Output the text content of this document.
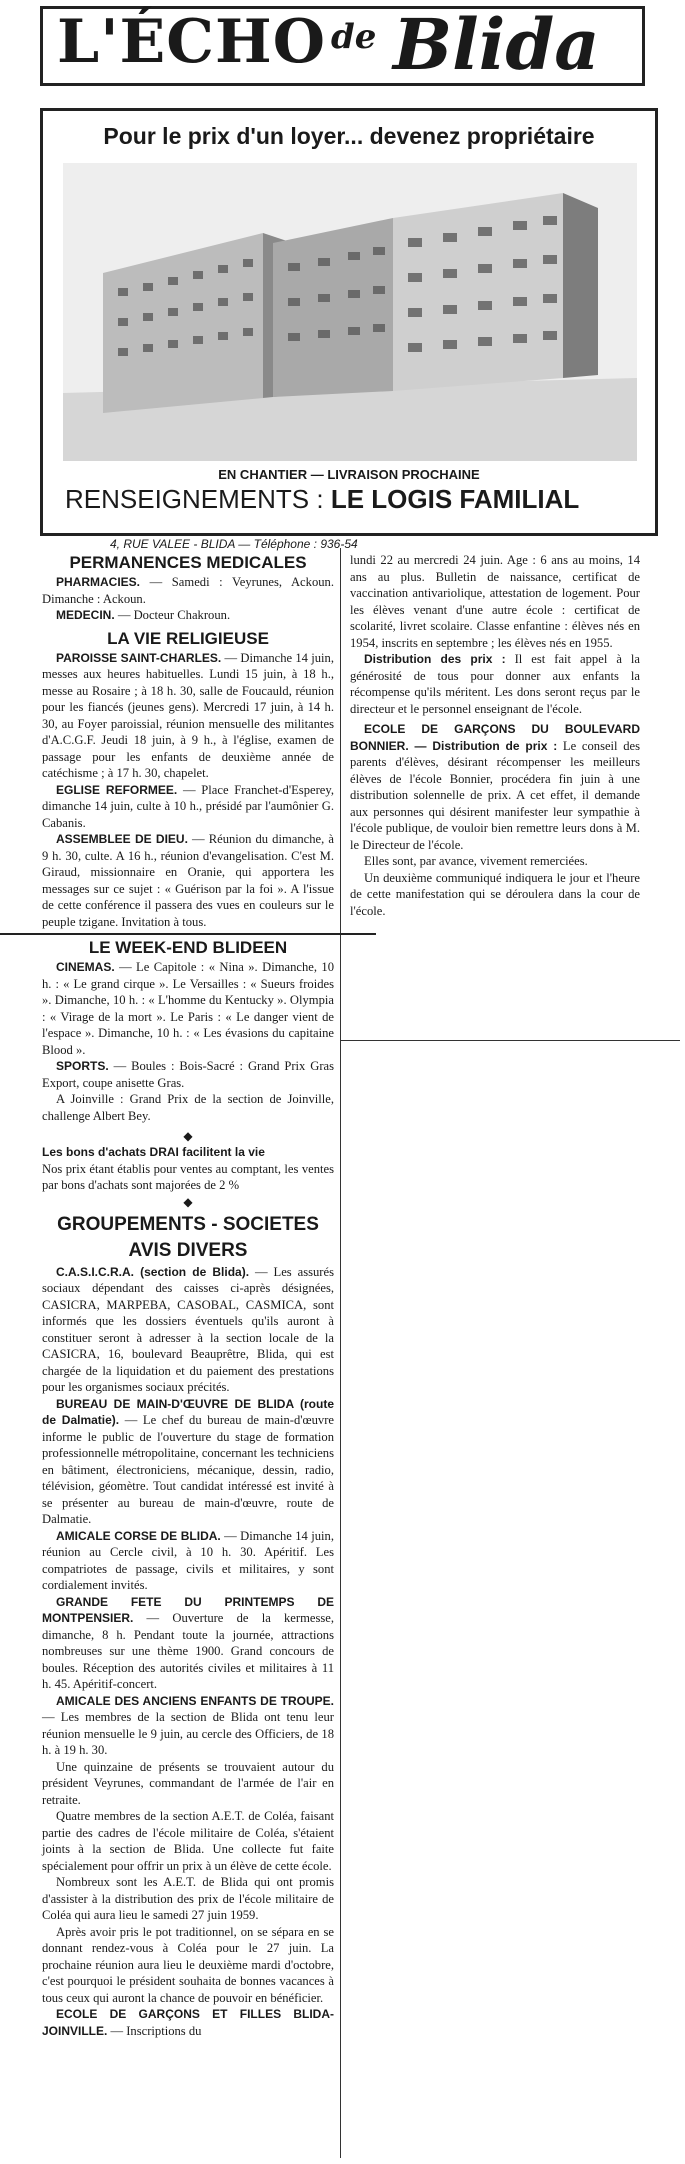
L'ÉCHO de Blida
Pour le prix d'un loyer... devenez propriétaire
EN CHANTIER — LIVRAISON PROCHAINE
RENSEIGNEMENTS : LE LOGIS FAMILIAL
4, RUE VALEE - BLIDA — Téléphone : 936-54
PERMANENCES MEDICALES

PHARMACIES. — Samedi : Veyrunes, Ackoun. Dimanche : Ackoun.

MEDECIN. — Docteur Chakroun.

LA VIE RELIGIEUSE

PAROISSE SAINT-CHARLES. — Dimanche 14 juin, messes aux heures habituelles. Lundi 15 juin, à 18 h., messe au Rosaire ; à 18 h. 30, salle de Foucauld, réunion pour les fiancés (jeunes gens). Mercredi 17 juin, à 14 h. 30, au Foyer paroissial, réunion mensuelle des militantes d'A.C.G.F. Jeudi 18 juin, à 9 h., à l'église, examen de passage pour les enfants de deuxième année de catéchisme ; à 17 h. 30, chapelet.

EGLISE REFORMEE. — Place Franchet-d'Esperey, dimanche 14 juin, culte à 10 h., présidé par l'aumônier G. Cabanis.

ASSEMBLEE DE DIEU. — Réunion du dimanche, à 9 h. 30, culte. A 16 h., réunion d'evangelisation. C'est M. Giraud, missionnaire en Oranie, qui apportera les messages sur ce sujet : « Guérison par la foi ». A l'issue de cette conférence il passera des vues en couleurs sur le peuple tzigane. Invitation à tous.

LE WEEK-END BLIDEEN

CINEMAS. — Le Capitole : « Nina ». Dimanche, 10 h. : « Le grand cirque ». Le Versailles : « Sueurs froides ». Dimanche, 10 h. : « L'homme du Kentucky ». Olympia : « Virage de la mort ». Le Paris : « Le danger vient de l'espace ». Dimanche, 10 h. : « Les évasions du capitaine Blood ».

SPORTS. — Boules : Bois-Sacré : Grand Prix Gras Export, coupe anisette Gras.

A Joinville : Grand Prix de la section de Joinville, challenge Albert Bey.

◆
Les bons d'achats DRAI facilitent la vie
Nos prix étant établis pour ventes au comptant, les ventes par bons d'achats sont majorées de 2 %
◆
GROUPEMENTS - SOCIETES
AVIS DIVERS

C.A.S.I.C.R.A. (section de Blida). — Les assurés sociaux dépendant des caisses ci-après désignées, CASICRA, MARPEBA, CASOBAL, CASMICA, sont informés que les dossiers éventuels qu'ils auront à constituer seront à adresser à la section locale de la CASICRA, 16, boulevard Beauprêtre, Blida, qui est chargée de la liquidation et du paiement des prestations pour les organismes sociaux précités.

BUREAU DE MAIN-D'ŒUVRE DE BLIDA (route de Dalmatie). — Le chef du bureau de main-d'œuvre informe le public de l'ouverture du stage de formation professionnelle métropolitaine, concernant les techniciens en bâtiment, électroniciens, mécanique, dessin, radio, télévision, géomètre. Tout candidat intéressé est invité à se présenter au bureau de main-d'œuvre, route de Dalmatie.

AMICALE CORSE DE BLIDA. — Dimanche 14 juin, réunion au Cercle civil, à 10 h. 30. Apéritif. Les compatriotes de passage, civils et militaires, y sont cordialement invités.

GRANDE FETE DU PRINTEMPS DE MONTPENSIER. — Ouverture de la kermesse, dimanche, 8 h. Pendant toute la journée, attractions nombreuses sur une thème 1900. Grand concours de boules. Réception des autorités civiles et militaires à 11 h. 45. Apéritif-concert.

AMICALE DES ANCIENS ENFANTS DE TROUPE. — Les membres de la section de Blida ont tenu leur réunion mensuelle le 9 juin, au cercle des Officiers, de 18 h. à 19 h. 30.

Une quinzaine de présents se trouvaient autour du président Veyrunes, commandant de l'armée de l'air en retraite.

Quatre membres de la section A.E.T. de Coléa, faisant partie des cadres de l'école militaire de Coléa, s'étaient joints à la section de Blida. Une collecte fut faite spécialement pour offrir un prix à un élève de cette école.

Nombreux sont les A.E.T. de Blida qui ont promis d'assister à la distribution des prix de l'école militaire de Coléa qui aura lieu le samedi 27 juin 1959.

Après avoir pris le pot traditionnel, on se sépara en se donnant rendez-vous à Coléa pour le 27 juin. La prochaine réunion aura lieu le deuxième mardi d'octobre, c'est pourquoi le président souhaita de bonnes vacances à tous ceux qui auront la chance de pouvoir en bénéficier.

ECOLE DE GARÇONS ET FILLES BLIDA-JOINVILLE. — Inscriptions du

lundi 22 au mercredi 24 juin. Age : 6 ans au moins, 14 ans au plus. Bulletin de naissance, certificat de vaccination antivariolique, attestation de logement. Pour les élèves venant d'une autre école : certificat de scolarité, livret scolaire. Classe enfantine : élèves nés en 1954, inscrits en septembre ; les élèves nés en 1955.

Distribution des prix : Il est fait appel à la générosité de tous pour donner aux enfants la récompense qu'ils méritent. Les dons seront reçus par le directeur et le personnel enseignant de l'école.

ECOLE DE GARÇONS DU BOULEVARD BONNIER. — Distribution de prix : Le conseil des parents d'élèves, désirant récompenser les meilleurs élèves de l'école Bonnier, procédera fin juin à une distribution solennelle de prix. A cet effet, il demande aux personnes qui désirent manifester leur sympathie à l'école publique, de vouloir bien remettre leurs dons à M. le Directeur de l'école.

Elles sont, par avance, vivement remerciées.

Un deuxième communiqué indiquera le jour et l'heure de cette manifestation qui se déroulera dans la cour de l'école.
